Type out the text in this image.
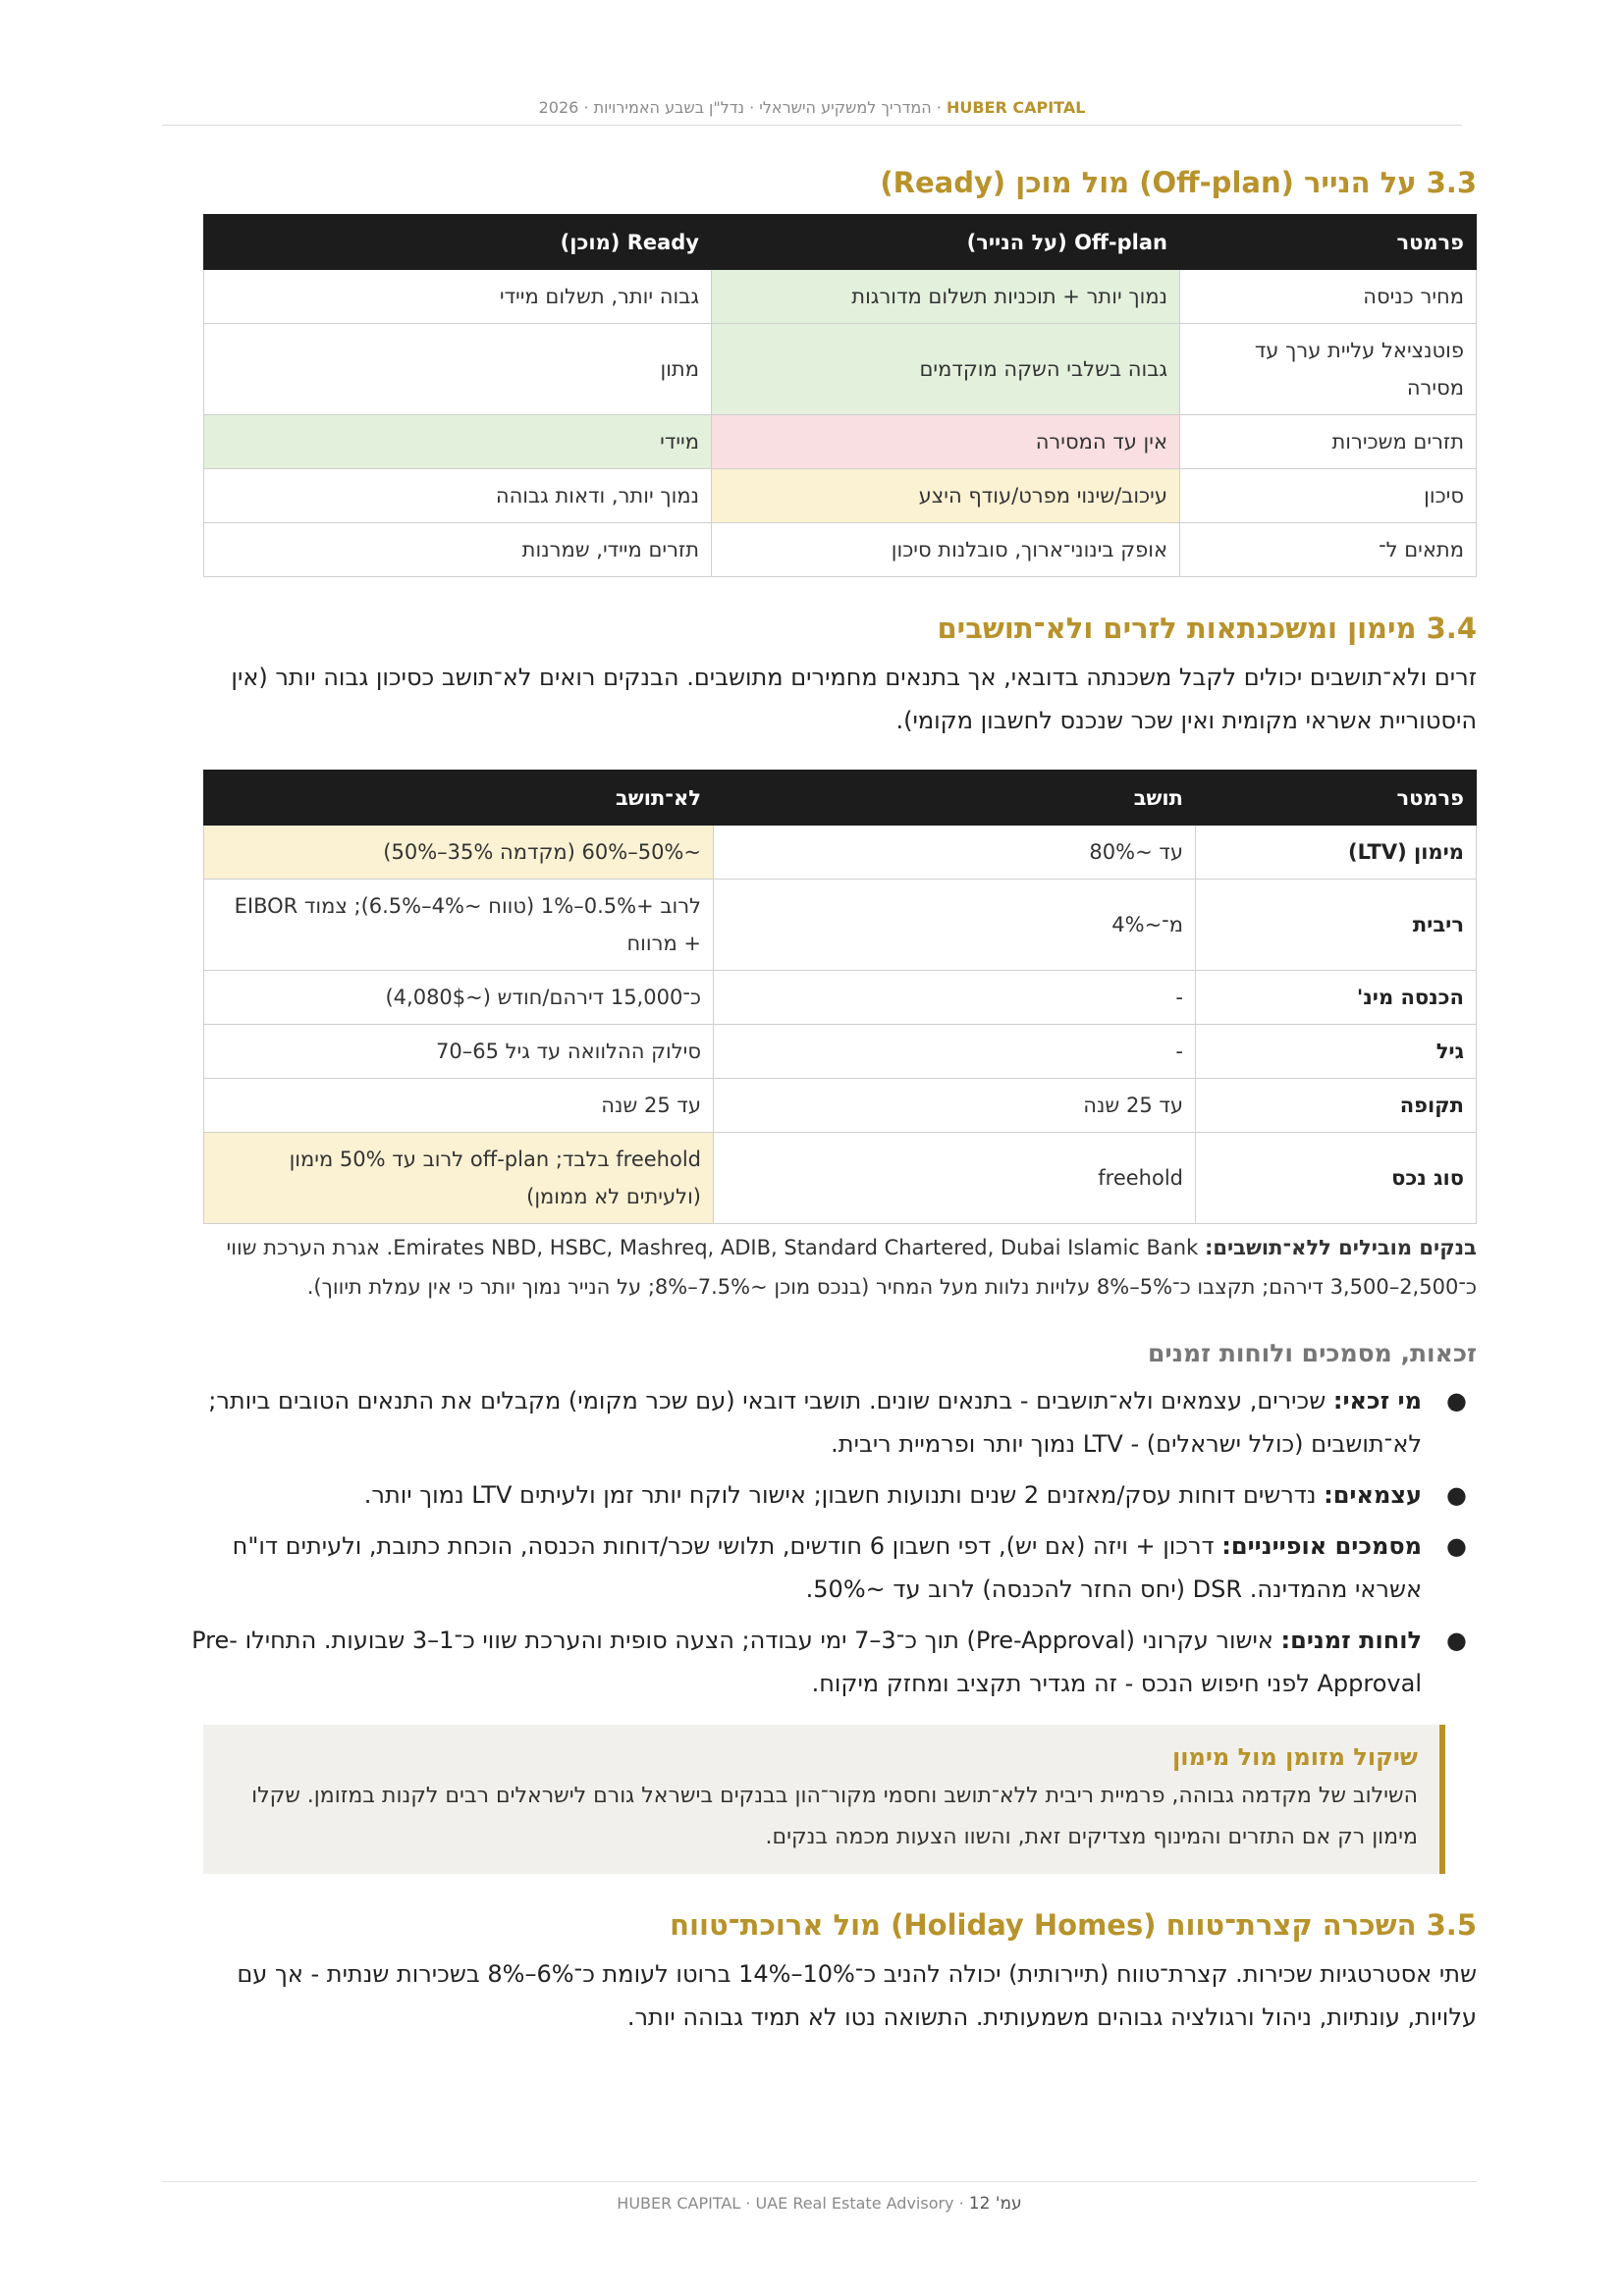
HUBER CAPITAL · המדריך למשקיע הישראלי · נדל"ן בשבע האמירויות · 2026
3.3 על הנייר (Off-plan) מול מוכן (Ready)
פרמטר	Off-plan (על הנייר)	Ready (מוכן)
מחיר כניסה	נמוך יותר + תוכניות תשלום מדורגות	גבוה יותר, תשלום מיידי
פוטנציאל עליית ערך עד מסירה	גבוה בשלבי השקה מוקדמים	מתון
תזרים משכירות	אין עד המסירה	מיידי
סיכון	עיכוב/שינוי מפרט/עודף היצע	נמוך יותר, ודאות גבוהה
מתאים ל־	אופק בינוני־ארוך, סובלנות סיכון	תזרים מיידי, שמרנות
3.4 מימון ומשכנתאות לזרים ולא־תושבים

זרים ולא־תושבים יכולים לקבל משכנתה בדובאי, אך בתנאים מחמירים מתושבים. הבנקים רואים לא־תושב כסיכון גבוה יותר (אין היסטוריית אשראי מקומית ואין שכר שנכנס לחשבון מקומי).

פרמטר	תושב	לא־תושב
מימון (LTV)	עד ~80%	~50%–60% (מקדמה 35%–50%)
ריבית	מ־~4%	לרוב +0.5%–1% (טווח ~4%–6.5%); צמוד EIBOR + מרווח
הכנסה מינ'	-	כ־15,000 דירהם/חודש (~4,080$)
גיל	-	סילוק ההלוואה עד גיל 65–70
תקופה	עד 25 שנה	עד 25 שנה
סוג נכס	freehold	freehold בלבד; off-plan לרוב עד 50% מימון (ולעיתים לא ממומן)

בנקים מובילים ללא־תושבים: Emirates NBD, HSBC, Mashreq, ADIB, Standard Chartered, Dubai Islamic Bank. אגרת הערכת שווי כ־2,500–3,500 דירהם; תקצבו כ־5%–8% עלויות נלוות מעל המחיר (בנכס מוכן ~7.5%–8%; על הנייר נמוך יותר כי אין עמלת תיווך).

זכאות, מסמכים ולוחות זמנים
●
מי זכאי: שכירים, עצמאים ולא־תושבים - בתנאים שונים. תושבי דובאי (עם שכר מקומי) מקבלים את התנאים הטובים ביותר; לא־תושבים (כולל ישראלים) - LTV נמוך יותר ופרמיית ריבית.
●
עצמאים: נדרשים דוחות עסק/מאזנים 2 שנים ותנועות חשבון; אישור לוקח יותר זמן ולעיתים LTV נמוך יותר.
●
מסמכים אופייניים: דרכון + ויזה (אם יש), דפי חשבון 6 חודשים, תלושי שכר/דוחות הכנסה, הוכחת כתובת, ולעיתים דו"ח אשראי מהמדינה. DSR (יחס החזר להכנסה) לרוב עד ~50%.
●
לוחות זמנים: אישור עקרוני (Pre-Approval) תוך כ־3–7 ימי עבודה; הצעה סופית והערכת שווי כ־1–3 שבועות. התחילו Pre-Approval לפני חיפוש הנכס - זה מגדיר תקציב ומחזק מיקוח.
שיקול מזומן מול מימון
השילוב של מקדמה גבוהה, פרמיית ריבית ללא־תושב וחסמי מקור־הון בבנקים בישראל גורם לישראלים רבים לקנות במזומן. שקלו מימון רק אם התזרים והמינוף מצדיקים זאת, והשוו הצעות מכמה בנקים.
3.5 השכרה קצרת־טווח (Holiday Homes) מול ארוכת־טווח

שתי אסטרטגיות שכירות. קצרת־טווח (תיירותית) יכולה להניב כ־10%–14% ברוטו לעומת כ־6%–8% בשכירות שנתית - אך עם עלויות, עונתיות, ניהול ורגולציה גבוהים משמעותית. התשואה נטו לא תמיד גבוהה יותר.

עמ' 12 · HUBER CAPITAL · UAE Real Estate Advisory
